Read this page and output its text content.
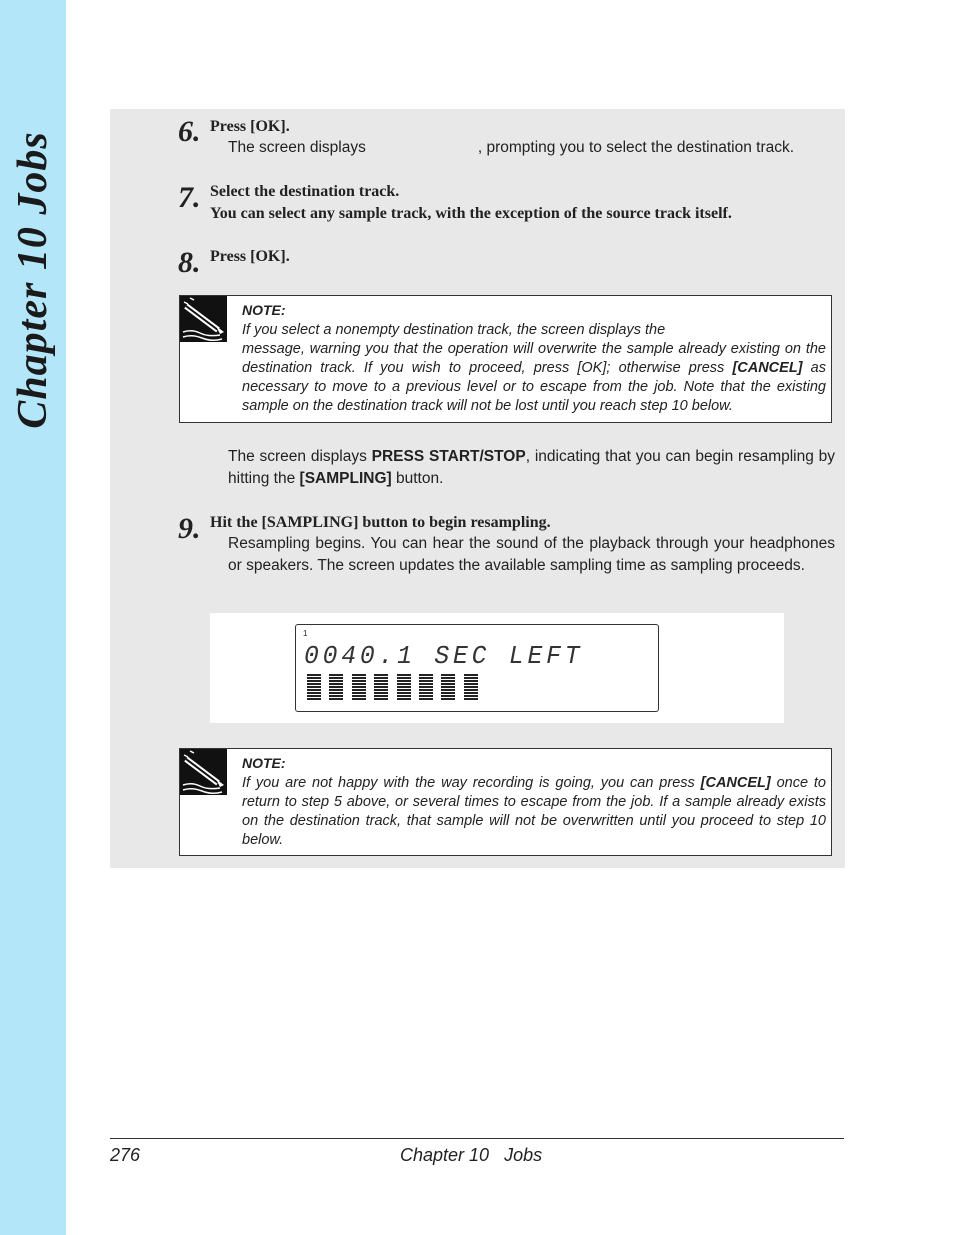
Chapter 10 Jobs	6. Press [OK].
The screen displays	, prompting you to select the destination track.
7. Select the destination track.
You can select any sample track, with the exception of the source track itself.
8. Press [OK].
NOTE:
If you select a nonempty destination track, the screen displays the
message, warning you that the operation will overwrite the sample already existing on the destination track. If you wish to proceed, press [OK]; otherwise press [CANCEL] as necessary to move to a previous level or to escape from the job. Note that the existing sample on the destination track will not be lost until you reach step 10 below.
The screen displays PRESS START/STOP, indicating that you can begin resampling by hitting the [SAMPLING] button.
9. Hit the [SAMPLING] button to begin resampling.
Resampling begins. You can hear the sound of the playback through your headphones or speakers. The screen updates the available sampling time as sampling proceeds.
1
0040.1 SEC LEFT
NOTE:
If you are not happy with the way recording is going, you can press [CANCEL] once to return to step 5 above, or several times to escape from the job. If a sample already exists on the destination track, that sample will not be overwritten until you proceed to step 10 below.
276	Chapter 10   Jobs
